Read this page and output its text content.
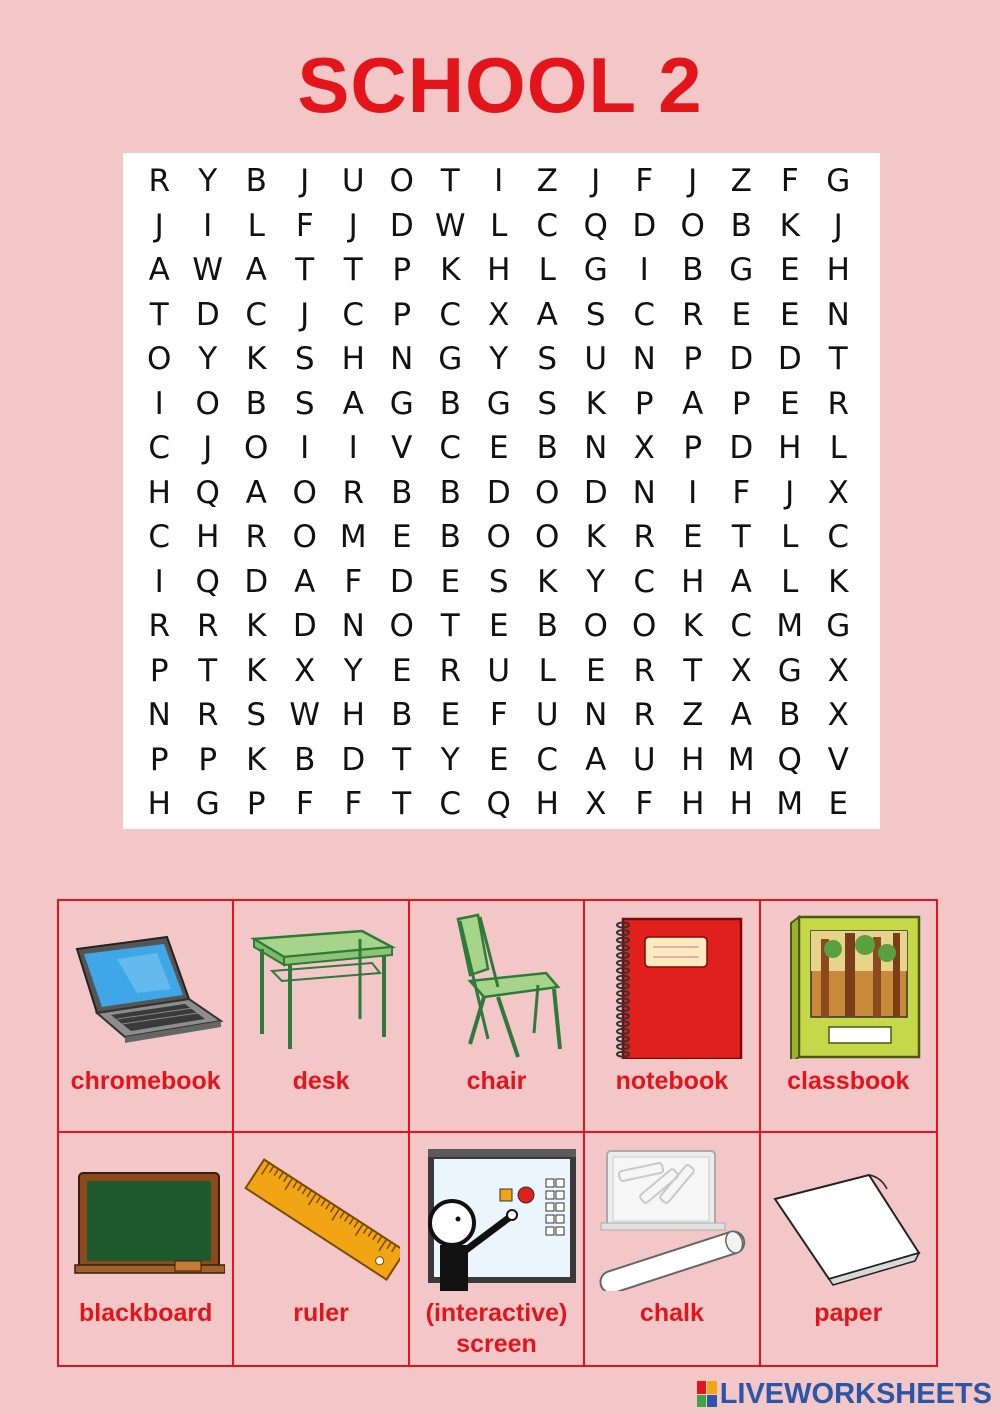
SCHOOL 2
R Y B	J	U O T	I	Z	J	F	J	Z F G
J	I	L F	J	D W L C Q D O B K	J
A W A T T P K H L G	I	B G E H
T D C	J	C P C X A S C R E E N
O Y K S H N G Y S U N P D D T
I	O B S A G B G S K P A P E R
C	J	O	I	I	V C E B N X P D H L
H Q A O R B B D O D N	I	F	J	X
C H R O M E B O O K R E T L C
I	Q D A F D E S K Y C H A L K
R R K D N O T E B O O K C M G
P T K X Y E R U L E R T X G X
N R S W H B E F U N R Z A B X
P P K B D T Y E C A U H M Q V
H G P F F T C Q H X F H H M E
chromebook	desk	chair	notebook	classbook
blackboard	ruler	(interactive)
screen
chalk	paper
LIVEWORKSHEETS
